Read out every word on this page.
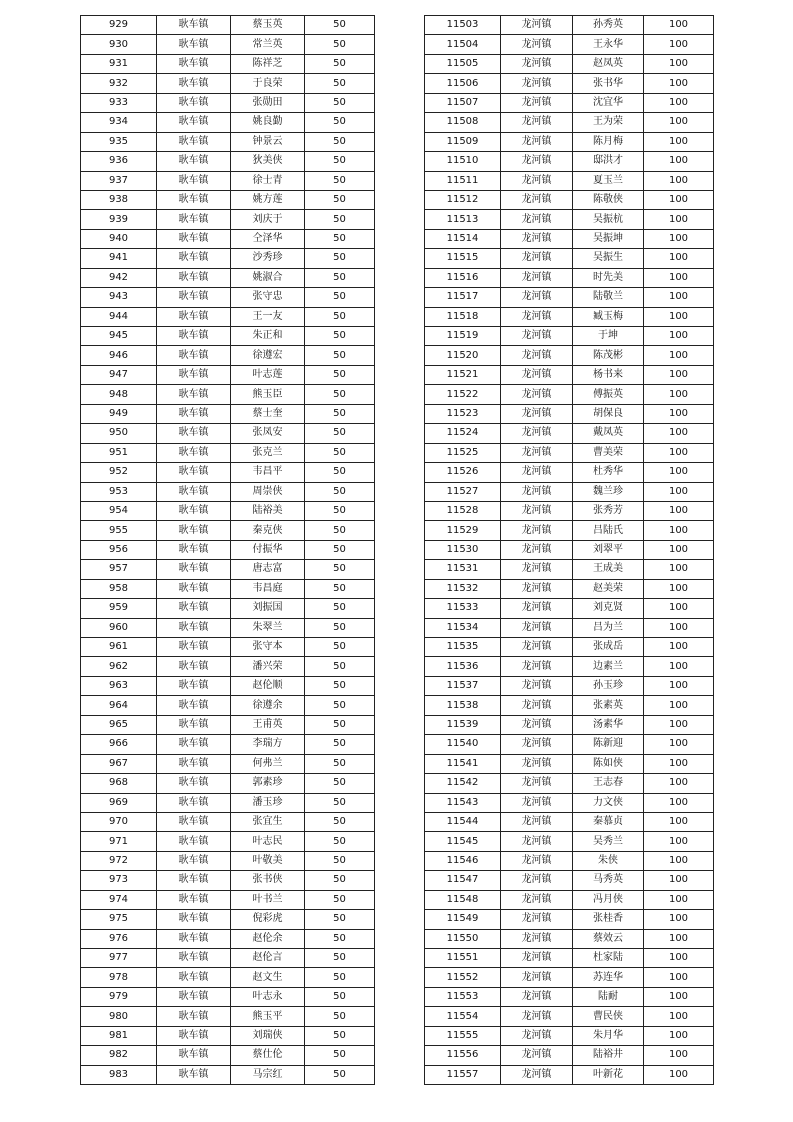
929	耿车镇	蔡玉英	50
930	耿车镇	常兰英	50
931	耿车镇	陈祥芝	50
932	耿车镇	于良荣	50
933	耿车镇	张勋田	50
934	耿车镇	姚良勤	50
935	耿车镇	钟景云	50
936	耿车镇	狄美侠	50
937	耿车镇	徐士青	50
938	耿车镇	姚方莲	50
939	耿车镇	刘庆于	50
940	耿车镇	仝泽华	50
941	耿车镇	沙秀珍	50
942	耿车镇	姚淑合	50
943	耿车镇	张守忠	50
944	耿车镇	王一友	50
945	耿车镇	朱正和	50
946	耿车镇	徐遵宏	50
947	耿车镇	叶志莲	50
948	耿车镇	熊玉臣	50
949	耿车镇	蔡士奎	50
950	耿车镇	张凤安	50
951	耿车镇	张克兰	50
952	耿车镇	韦昌平	50
953	耿车镇	周崇侠	50
954	耿车镇	陆裕美	50
955	耿车镇	秦克侠	50
956	耿车镇	付振华	50
957	耿车镇	唐志富	50
958	耿车镇	韦昌庭	50
959	耿车镇	刘振国	50
960	耿车镇	朱翠兰	50
961	耿车镇	张守本	50
962	耿车镇	潘兴荣	50
963	耿车镇	赵伦顺	50
964	耿车镇	徐遵余	50
965	耿车镇	王甫英	50
966	耿车镇	李瑞方	50
967	耿车镇	何弗兰	50
968	耿车镇	郭素珍	50
969	耿车镇	潘玉珍	50
970	耿车镇	张宜生	50
971	耿车镇	叶志民	50
972	耿车镇	叶敬美	50
973	耿车镇	张书侠	50
974	耿车镇	叶书兰	50
975	耿车镇	倪彩虎	50
976	耿车镇	赵伦余	50
977	耿车镇	赵伦言	50
978	耿车镇	赵文生	50
979	耿车镇	叶志永	50
980	耿车镇	熊玉平	50
981	耿车镇	刘瑞侠	50
982	耿车镇	蔡仕伦	50
983	耿车镇	马宗红	50
11503	龙河镇	孙秀英	100
11504	龙河镇	王永华	100
11505	龙河镇	赵凤英	100
11506	龙河镇	张书华	100
11507	龙河镇	沈宜华	100
11508	龙河镇	王为荣	100
11509	龙河镇	陈月梅	100
11510	龙河镇	邸洪才	100
11511	龙河镇	夏玉兰	100
11512	龙河镇	陈敬侠	100
11513	龙河镇	吴振杭	100
11514	龙河镇	吴振坤	100
11515	龙河镇	吴振生	100
11516	龙河镇	时先美	100
11517	龙河镇	陆敬兰	100
11518	龙河镇	臧玉梅	100
11519	龙河镇	于坤	100
11520	龙河镇	陈茂彬	100
11521	龙河镇	杨书来	100
11522	龙河镇	傅振英	100
11523	龙河镇	胡保良	100
11524	龙河镇	戴凤英	100
11525	龙河镇	曹美荣	100
11526	龙河镇	杜秀华	100
11527	龙河镇	魏兰珍	100
11528	龙河镇	张秀芳	100
11529	龙河镇	吕陆氏	100
11530	龙河镇	刘翠平	100
11531	龙河镇	王成美	100
11532	龙河镇	赵美荣	100
11533	龙河镇	刘克贤	100
11534	龙河镇	吕为兰	100
11535	龙河镇	张成岳	100
11536	龙河镇	边素兰	100
11537	龙河镇	孙玉珍	100
11538	龙河镇	张素英	100
11539	龙河镇	汤素华	100
11540	龙河镇	陈新迎	100
11541	龙河镇	陈如侠	100
11542	龙河镇	王志春	100
11543	龙河镇	力文侠	100
11544	龙河镇	秦慕贞	100
11545	龙河镇	吴秀兰	100
11546	龙河镇	朱侠	100
11547	龙河镇	马秀英	100
11548	龙河镇	冯月侠	100
11549	龙河镇	张桂香	100
11550	龙河镇	蔡效云	100
11551	龙河镇	杜家陆	100
11552	龙河镇	苏连华	100
11553	龙河镇	陆耐	100
11554	龙河镇	曹民侠	100
11555	龙河镇	朱月华	100
11556	龙河镇	陆裕井	100
11557	龙河镇	叶新花	100
